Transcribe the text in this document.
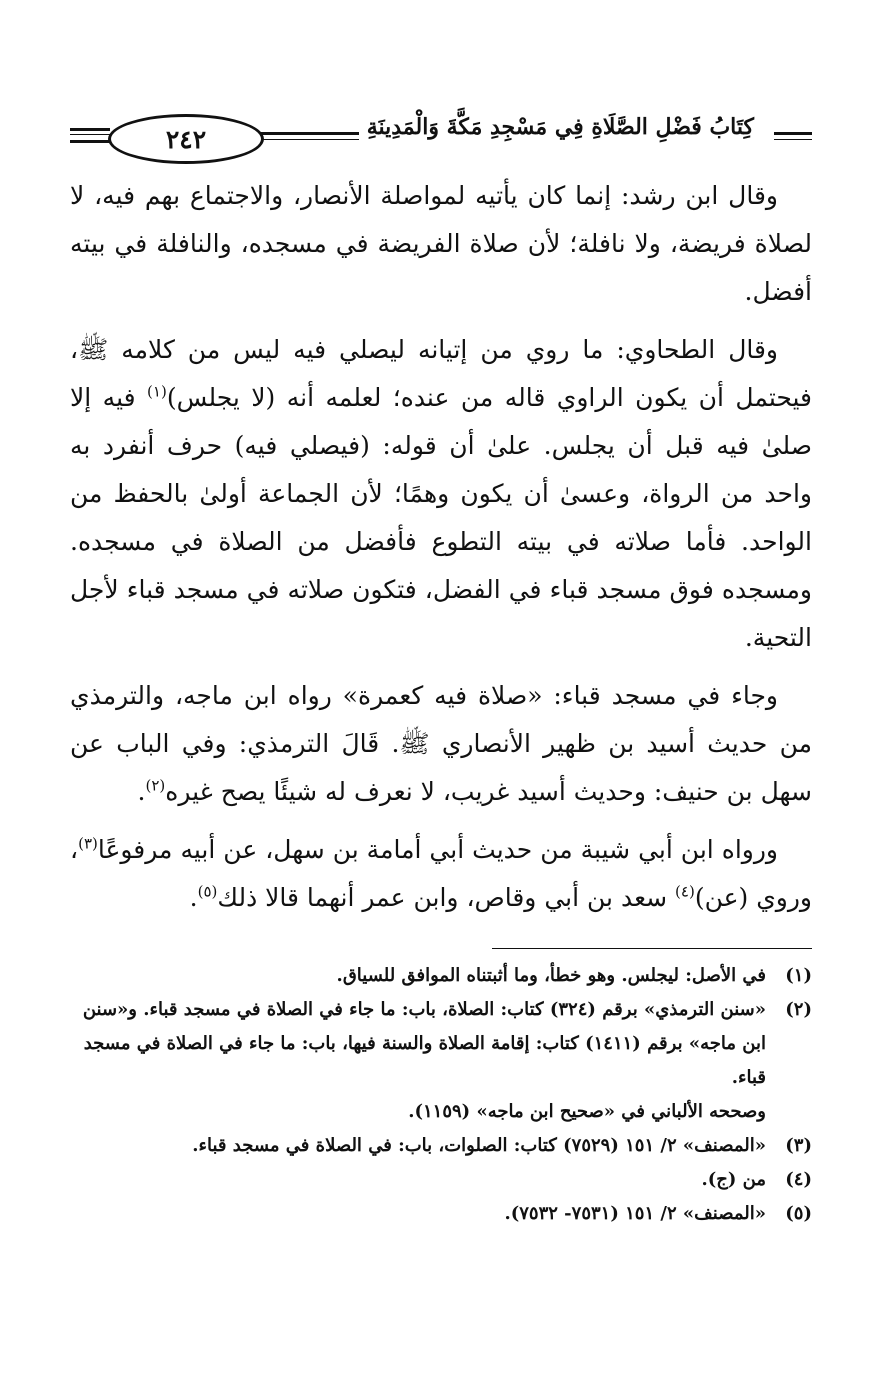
٢٤٢	كِتَابُ فَضْلِ الصَّلَاةِ فِي مَسْجِدِ مَكَّةَ وَالْمَدِينَةِ

وقال ابن رشد: إنما كان يأتيه لمواصلة الأنصار، والاجتماع بهم فيه، لا لصلاة فريضة، ولا نافلة؛ لأن صلاة الفريضة في مسجده، والنافلة في بيته أفضل.

وقال الطحاوي: ما روي من إتيانه ليصلي فيه ليس من كلامه ﷺ، فيحتمل أن يكون الراوي قاله من عنده؛ لعلمه أنه (لا يجلس)$^{(١)}$ فيه إلا صلىٰ فيه قبل أن يجلس. علىٰ أن قوله: (فيصلي فيه) حرف أنفرد به واحد من الرواة، وعسىٰ أن يكون وهمًا؛ لأن الجماعة أولىٰ بالحفظ من الواحد. فأما صلاته في بيته التطوع فأفضل من الصلاة في مسجده. ومسجده فوق مسجد قباء في الفضل، فتكون صلاته في مسجد قباء لأجل التحية.

وجاء في مسجد قباء: «صلاة فيه كعمرة» رواه ابن ماجه، والترمذي من حديث أسيد بن ظهير الأنصاري ﷺ. قَالَ الترمذي: وفي الباب عن سهل بن حنيف: وحديث أسيد غريب، لا نعرف له شيئًا يصح غيره$^{(٢)}$.

ورواه ابن أبي شيبة من حديث أبي أمامة بن سهل، عن أبيه مرفوعًا$^{(٣)}$، وروي (عن)$^{(٤)}$ سعد بن أبي وقاص، وابن عمر أنهما قالا ذلك$^{(٥)}$.

(١)
في الأصل: ليجلس. وهو خطأ، وما أثبتناه الموافق للسياق.
(٢)
«سنن الترمذي» برقم (٣٢٤) كتاب: الصلاة، باب: ما جاء في الصلاة في مسجد قباء. و«سنن ابن ماجه» برقم (١٤١١) كتاب: إقامة الصلاة والسنة فيها، باب: ما جاء في الصلاة في مسجد قباء.
وصححه الألباني في «صحيح ابن ماجه» (١١٥٩).
(٣)
«المصنف» ٢/ ١٥١ (٧٥٢٩) كتاب: الصلوات، باب: في الصلاة في مسجد قباء.
(٤)
من (ج).
(٥)
«المصنف» ٢/ ١٥١ (٧٥٣١- ٧٥٣٢).
